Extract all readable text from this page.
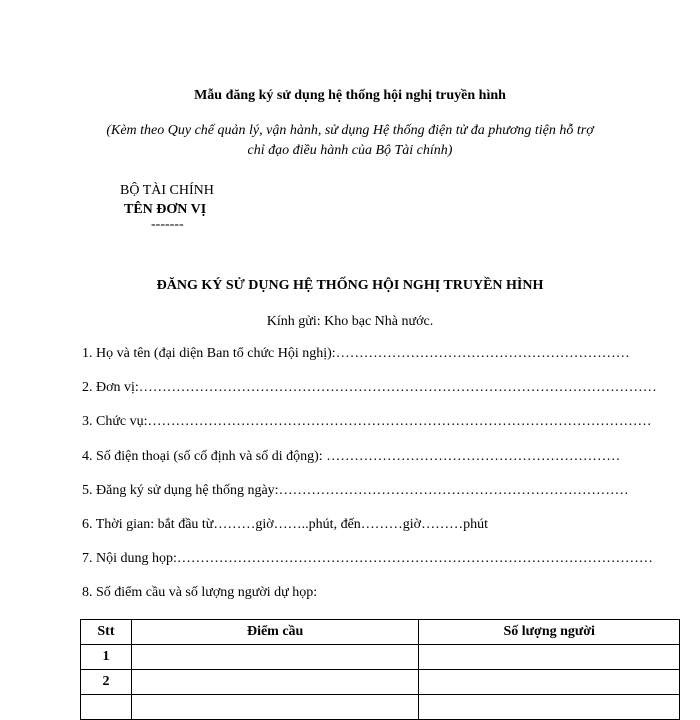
Mẫu đăng ký sử dụng hệ thống hội nghị truyền hình
(Kèm theo Quy chế quản lý, vận hành, sử dụng Hệ thống điện tử đa phương tiện hỗ trợ
chỉ đạo điều hành của Bộ Tài chính)
BỘ TÀI CHÍNH
TÊN ĐƠN VỊ
-------
ĐĂNG KÝ SỬ DỤNG HỆ THỐNG HỘI NGHỊ TRUYỀN HÌNH
Kính gửi: Kho bạc Nhà nước.
1. Họ và tên (đại diện Ban tổ chức Hội nghị):………………………………………………………
2. Đơn vị:…………………………………………………………………………………………………
3. Chức vụ:………………………………………………………………………………………………
4. Số điện thoại (số cố định và số di động): ………………………………………………………
5. Đăng ký sử dụng hệ thống ngày:…………………………………………………………………
6. Thời gian: bắt đầu từ………giờ……..phút, đến………giờ………phút
7. Nội dung họp:…………………………………………………………………………………………
8. Số điểm cầu và số lượng người dự họp:
Stt	Điểm cầu	Số lượng người
1		
2		
